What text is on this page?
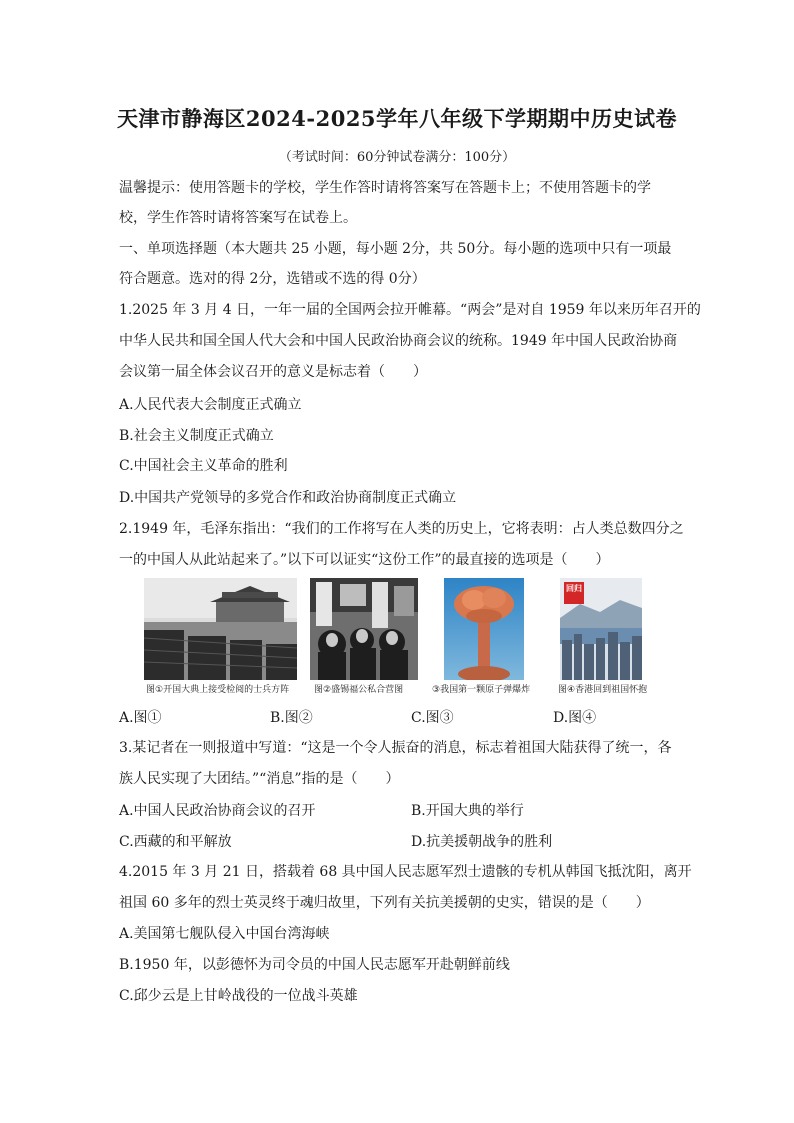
天津市静海区2024-2025学年八年级下学期期中历史试卷
（考试时间：60分钟试卷满分：100分）
温馨提示：使用答题卡的学校，学生作答时请将答案写在答题卡上；不使用答题卡的学
校，学生作答时请将答案写在试卷上。
一、单项选择题（本大题共 25 小题，每小题 2分，共 50分。每小题的选项中只有一项最
符合题意。选对的得 2分，选错或不选的得 0分）
1.2025 年 3 月 4 日，一年一届的全国两会拉开帷幕。“两会”是对自 1959 年以来历年召开的
中华人民共和国全国人代大会和中国人民政治协商会议的统称。1949 年中国人民政治协商
会议第一届全体会议召开的意义是标志着（　　）
A.人民代表大会制度正式确立
B.社会主义制度正式确立
C.中国社会主义革命的胜利
D.中国共产党领导的多党合作和政治协商制度正式确立
2.1949 年，毛泽东指出：“我们的工作将写在人类的历史上，它将表明：占人类总数四分之
一的中国人从此站起来了。”以下可以证实“这份工作”的最直接的选项是（　　）
图①开国大典上接受检阅的士兵方阵	图②盛锡福公私合营图	③我国第一颗原子弹爆炸
回归
图④香港回到祖国怀抱
A.图①	B.图②	C.图③	D.图④
3.某记者在一则报道中写道：“这是一个令人振奋的消息，标志着祖国大陆获得了统一，各
族人民实现了大团结。”“消息”指的是（　　）
A.中国人民政治协商会议的召开	B.开国大典的举行
C.西藏的和平解放	D.抗美援朝战争的胜利
4.2015 年 3 月 21 日，搭载着 68 具中国人民志愿军烈士遗骸的专机从韩国飞抵沈阳，离开
祖国 60 多年的烈士英灵终于魂归故里，下列有关抗美援朝的史实，错误的是（　　）
A.美国第七舰队侵入中国台湾海峡
B.1950 年，以彭德怀为司令员的中国人民志愿军开赴朝鲜前线
C.邱少云是上甘岭战役的一位战斗英雄
